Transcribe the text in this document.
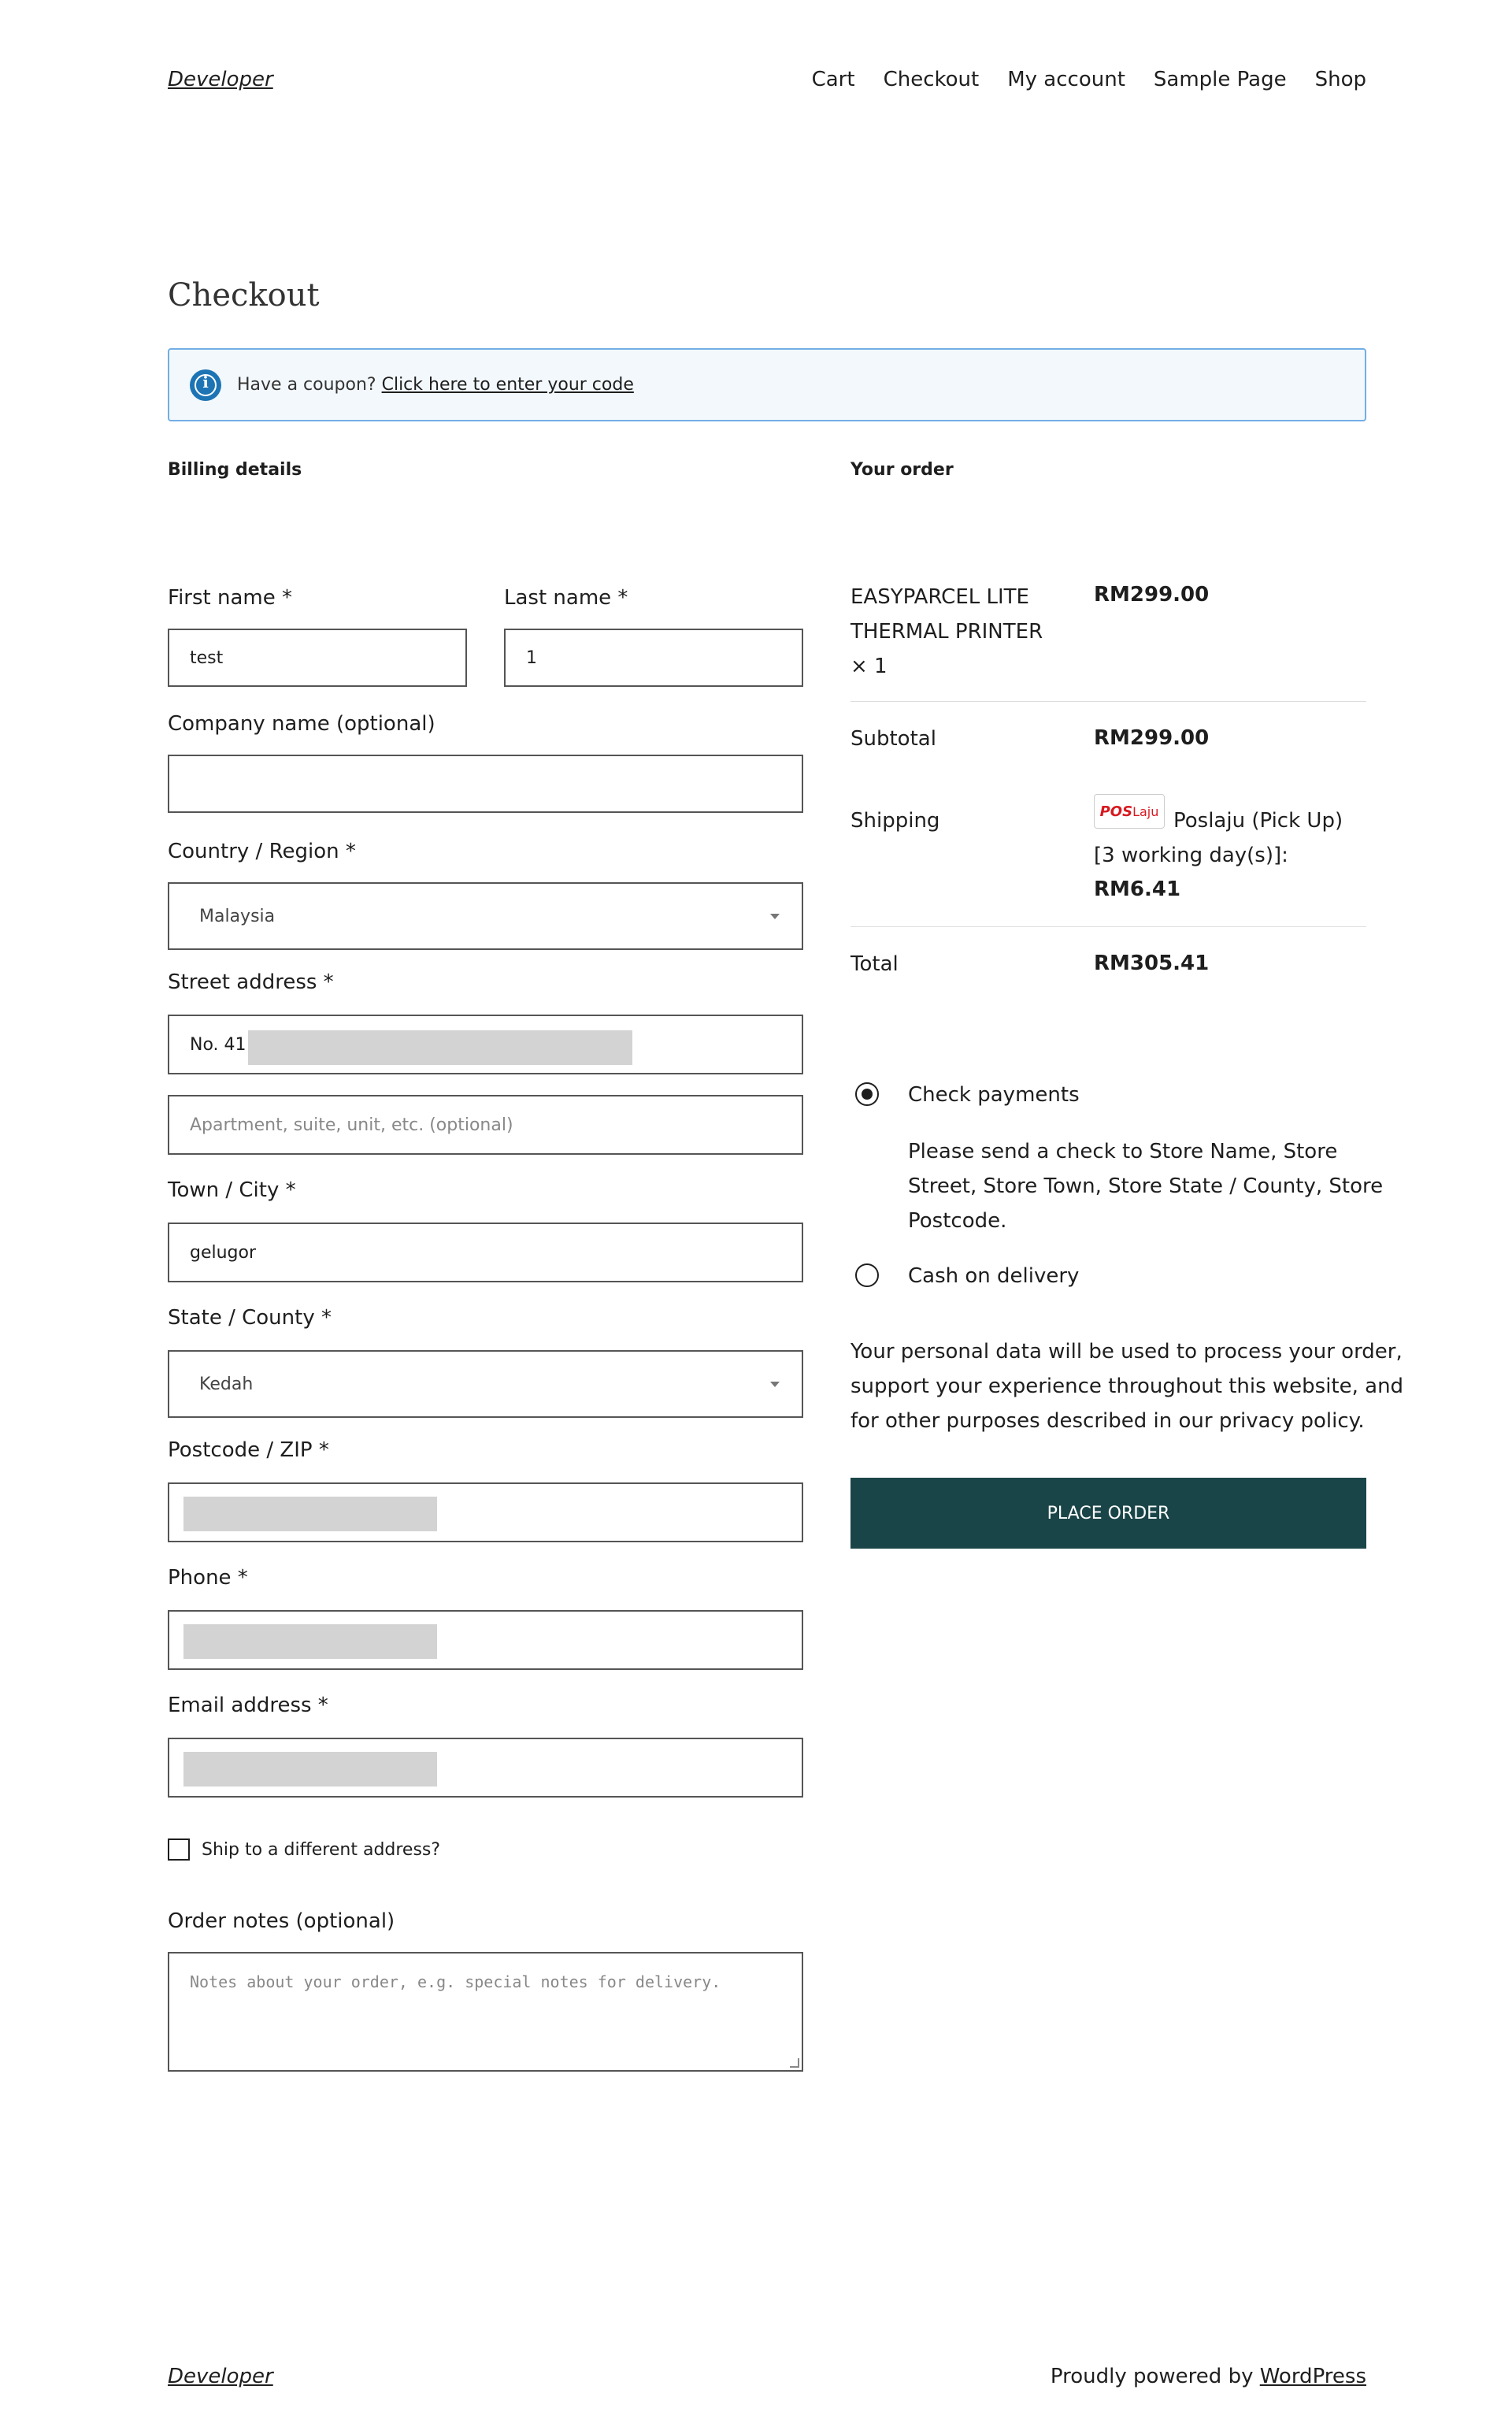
Developer	Cart Checkout My account Sample Page Shop
Checkout
i
Have a coupon? Click here to enter your code
Billing details
First name *
test
Last name *
1
Company name (optional)
Country / Region *
Malaysia
Street address *
No. 41
Apartment, suite, unit, etc. (optional)
Town / City *
gelugor
State / County *
Kedah
Postcode / ZIP *
Phone *
Email address *
Ship to a different address?
Order notes (optional)
Notes about your order, e.g. special notes for delivery.
Your order
EASYPARCEL LITE
THERMAL PRINTER
× 1
RM299.00
Subtotal	RM299.00
Shipping	POS Laju Poslaju (Pick Up)
[3 working day(s)]:
RM6.41
Total	RM305.41
Check payments
Please send a check to Store Name, Store
Street, Store Town, Store State / County, Store
Postcode.
Cash on delivery
Your personal data will be used to process your order,
support your experience throughout this website, and
for other purposes described in our privacy policy.
PLACE ORDER
Developer	Proudly powered by WordPress
